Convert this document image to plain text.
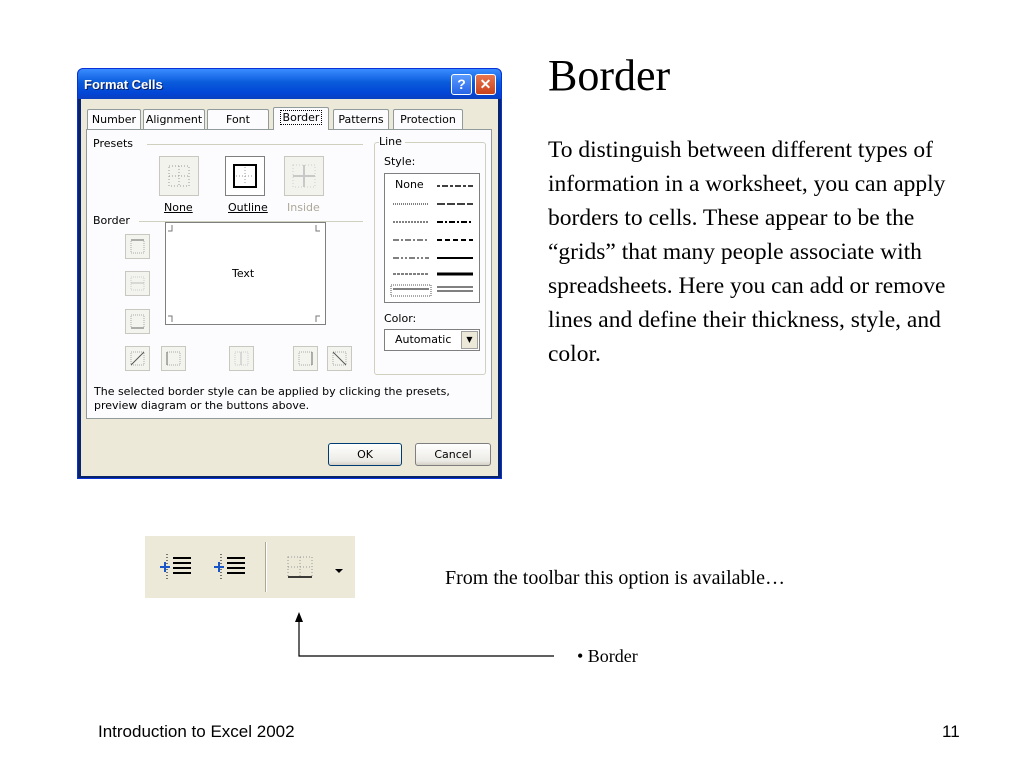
Format Cells	? ✕
Number Alignment	Font	Border	Patterns	Protection
Presets
None	Outline Inside
Border
Text
Line
Style:
None
Color:
Automatic	▼
The selected border style can be applied by clicking the presets, preview diagram or the buttons above.
OK	Cancel
Border
To distinguish between different types of information in a worksheet, you can apply borders to cells. These appear to be the “grids” that many people associate with spreadsheets. Here you can add or remove lines and define their thickness, style, and color.
From the toolbar this option is available…
• Border
Introduction to Excel 2002	11
